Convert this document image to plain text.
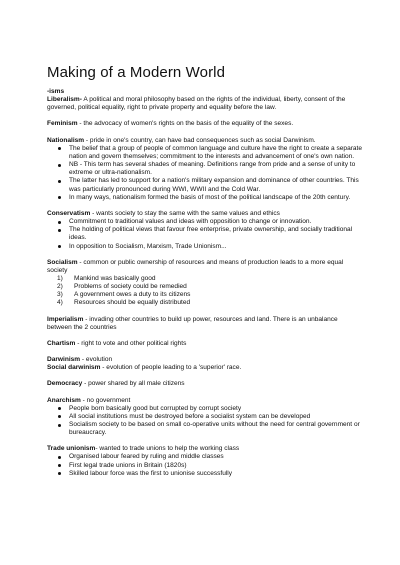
Making of a Modern World

-isms

Liberalism- A political and moral philosophy based on the rights of the individual, liberty, consent of the governed, political equality, right to private property and equality before the law.

Feminism - the advocacy of women's rights on the basis of the equality of the sexes.

Nationalism - pride in one's country, can have bad consequences such as social Darwinism.

The belief that a group of people of common language and culture have the right to create a separate nation and govern themselves; commitment to the interests and advancement of one's own nation.
NB - This term has several shades of meaning. Definitions range from pride and a sense of unity to extreme or ultra-nationalism.
The latter has led to support for a nation's military expansion and dominance of other countries. This was particularly pronounced during WWI, WWII and the Cold War.
In many ways, nationalism formed the basis of most of the political landscape of the 20th century.

Conservatism - wants society to stay the same with the same values and ethics

Commitment to traditional values and ideas with opposition to change or innovation.
The holding of political views that favour free enterprise, private ownership, and socially traditional ideas.
In opposition to Socialism, Marxism, Trade Unionism...

Socialism - common or public ownership of resources and means of production leads to a more equal society

1) Mankind was basically good
2) Problems of society could be remedied
3) A government owes a duty to its citizens
4) Resources should be equally distributed

Imperialism - invading other countries to build up power, resources and land. There is an unbalance between the 2 countries

Chartism - right to vote and other political rights

Darwinism - evolution

Social darwinism - evolution of people leading to a 'superior' race.

Democracy - power shared by all male citizens

Anarchism - no government

People born basically good but corrupted by corrupt society
All social institutions must be destroyed before a socialist system can be developed
Socialism society to be based on small co-operative units without the need for central government or bureaucracy.

Trade unionism- wanted to trade unions to help the working class

Organised labour feared by ruling and middle classes
First legal trade unions in Britain (1820s)
Skilled labour force was the first to unionise successfully
